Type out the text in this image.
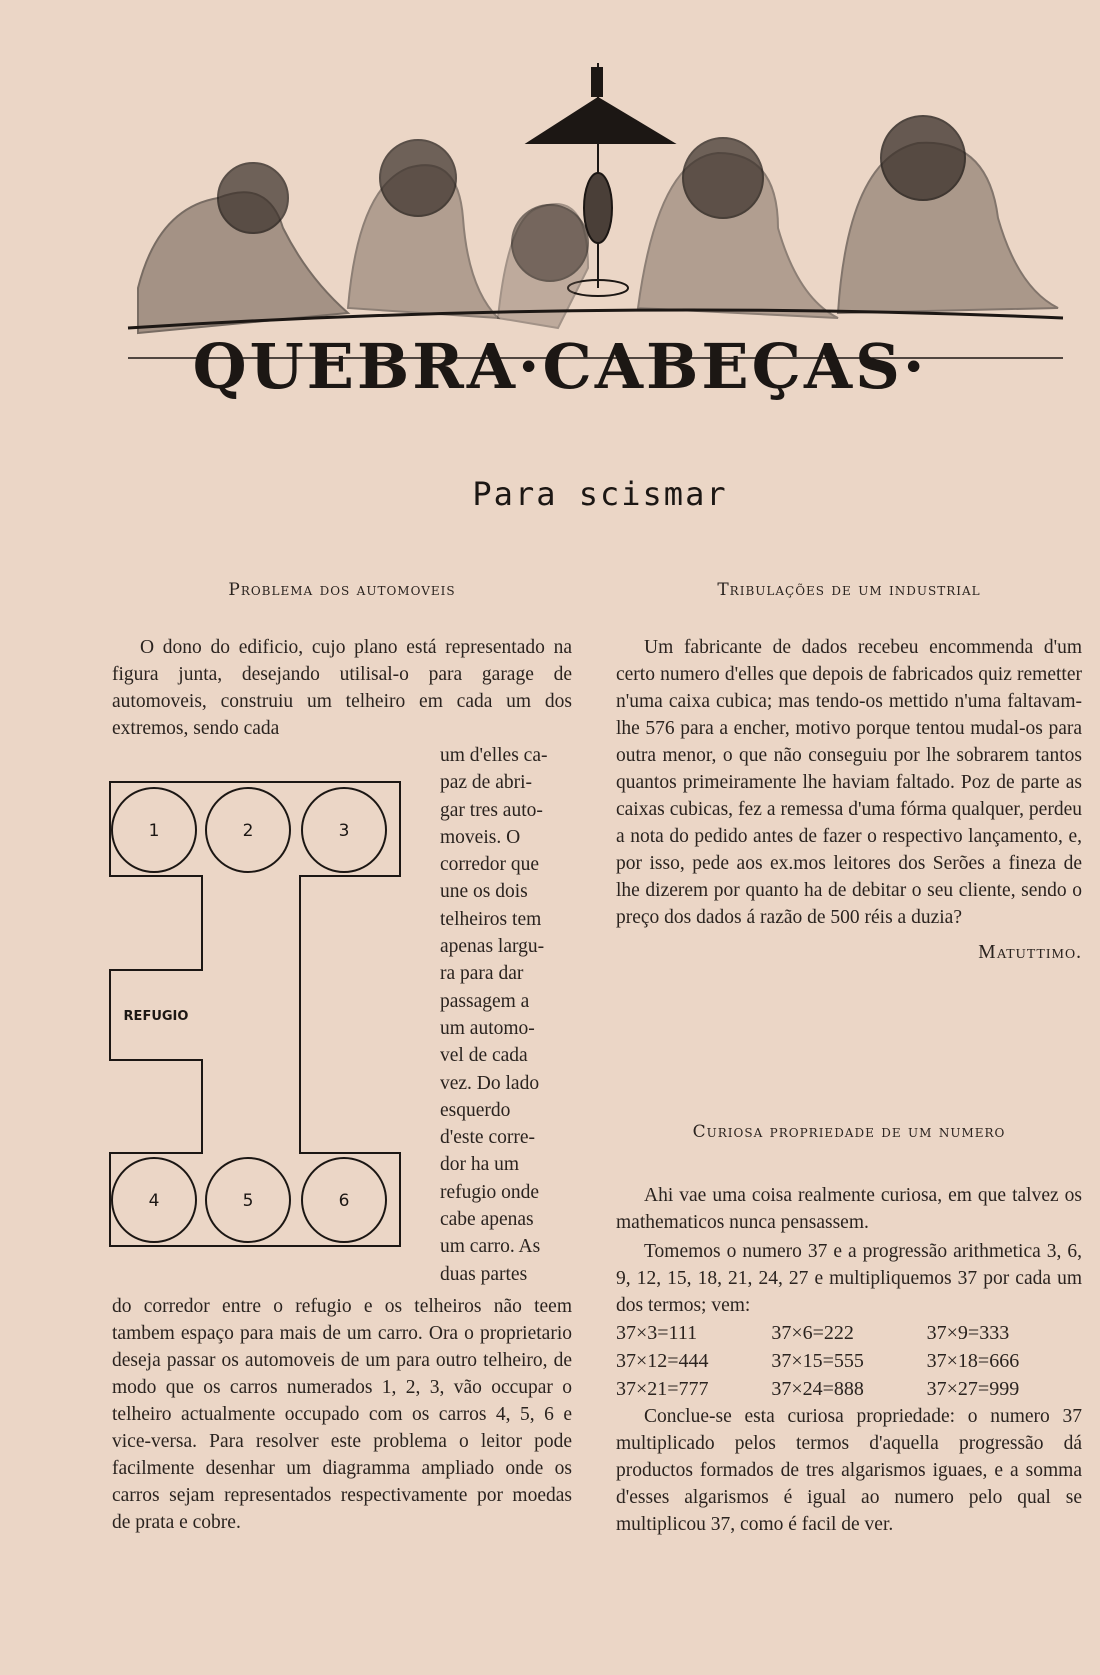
QUEBRA·CABEÇAS·
Para scismar
Problema dos automoveis

O dono do edificio, cujo plano está representado na figura junta, desejando utilisal-o para garage de automoveis, construiu um telheiro em cada um dos extremos, sendo cada

1	2	3
4	5	6
REFUGIO
um d'elles ca-
paz de abri-
gar tres auto-
moveis. O
corredor que
une os dois
telheiros tem
apenas largu-
ra para dar
passagem a
um automo-
vel de cada
vez. Do lado
esquerdo
d'este corre-
dor ha um
refugio onde
cabe apenas
um carro. As
duas partes

do corredor entre o refugio e os telheiros não teem tambem espaço para mais de um carro. Ora o proprietario deseja passar os automoveis de um para outro telheiro, de modo que os carros numerados 1, 2, 3, vão occupar o telheiro actualmente occupado com os carros 4, 5, 6 e vice-versa. Para resolver este problema o leitor pode facilmente desenhar um diagramma ampliado onde os carros sejam representados respectivamente por moedas de prata e cobre.

Tribulações de um industrial

Um fabricante de dados recebeu encommenda d'um certo numero d'elles que depois de fabricados quiz remetter n'uma caixa cubica; mas tendo-os mettido n'uma faltavam-lhe 576 para a encher, motivo porque tentou mudal-os para outra menor, o que não conseguiu por lhe sobrarem tantos quantos primeiramente lhe haviam faltado. Poz de parte as caixas cubicas, fez a remessa d'uma fórma qualquer, perdeu a nota do pedido antes de fazer o respectivo lançamento, e, por isso, pede aos ex.mos leitores dos Serões a fineza de lhe dizerem por quanto ha de debitar o seu cliente, sendo o preço dos dados á razão de 500 réis a duzia?

Matuttimo.

Curiosa propriedade de um numero

Ahi vae uma coisa realmente curiosa, em que talvez os mathematicos nunca pensassem.

Tomemos o numero 37 e a progressão arithmetica 3, 6, 9, 12, 15, 18, 21, 24, 27 e multipliquemos 37 por cada um dos termos; vem:

37×3=111	37×6=222	37×9=333
37×12=444	37×15=555	37×18=666
37×21=777	37×24=888	37×27=999

Conclue-se esta curiosa propriedade: o numero 37 multiplicado pelos termos d'aquella progressão dá productos formados de tres algarismos iguaes, e a somma d'esses algarismos é igual ao numero pelo qual se multiplicou 37, como é facil de ver.
